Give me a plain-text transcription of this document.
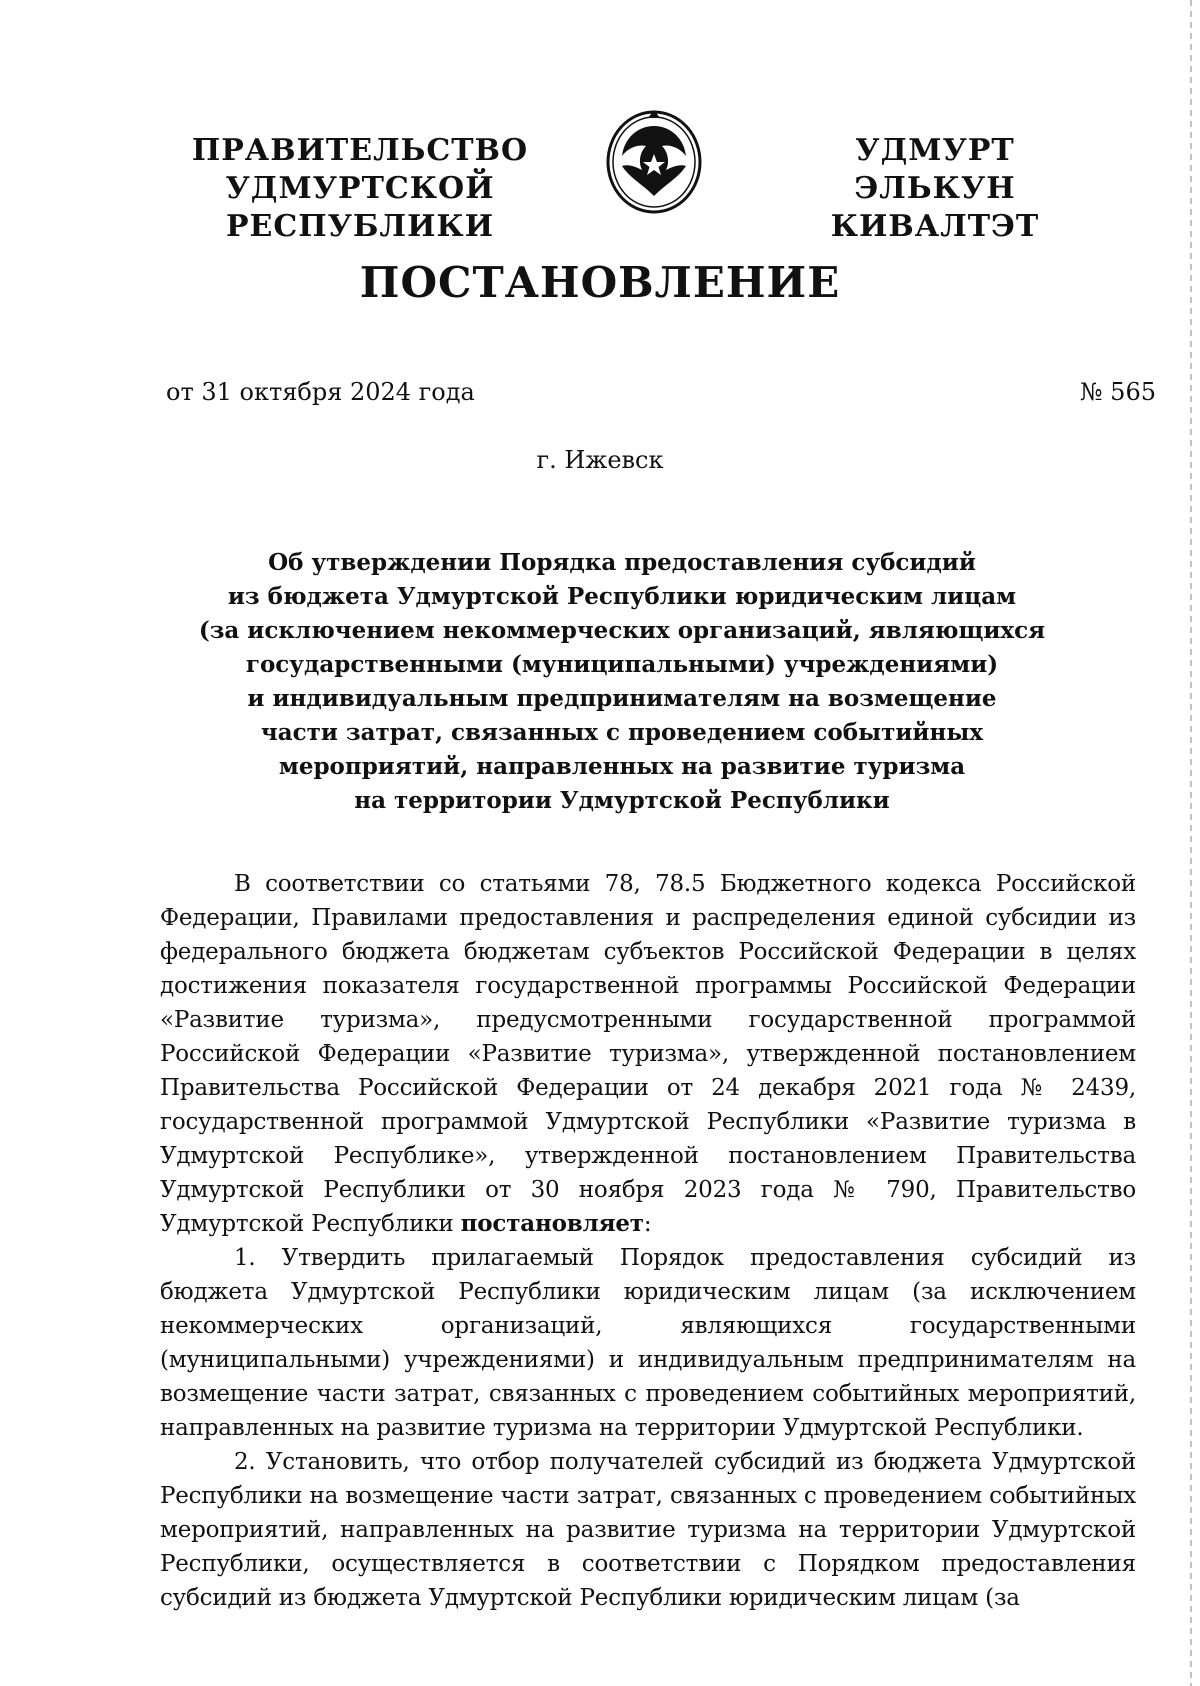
ПРАВИТЕЛЬСТВО
УДМУРТСКОЙ РЕСПУБЛИКИ
УДМУРТ ЭЛЬКУН
КИВАЛТЭТ
ПОСТАНОВЛЕНИЕ
от 31 октября 2024 года	№ 565
г. Ижевск
Об утверждении Порядка предоставления субсидий
из бюджета Удмуртской Республики юридическим лицам
(за исключением некоммерческих организаций, являющихся
государственными (муниципальными) учреждениями)
и индивидуальным предпринимателям на возмещение
части затрат, связанных с проведением событийных
мероприятий, направленных на развитие туризма
на территории Удмуртской Республики

В соответствии со статьями 78, 78.5 Бюджетного кодекса Российской Федерации, Правилами предоставления и распределения единой субсидии из федерального бюджета бюджетам субъектов Российской Федерации в целях достижения показателя государственной программы Российской Федерации «Развитие туризма», предусмотренными государственной программой Российской Федерации «Развитие туризма», утвержденной постановлением Правительства Российской Федерации от 24 декабря 2021 года № 2439, государственной программой Удмуртской Республики «Развитие туризма в Удмуртской Республике», утвержденной постановлением Правительства Удмуртской Республики от 30 ноября 2023 года № 790, Правительство Удмуртской Республики постановляет:

1. Утвердить прилагаемый Порядок предоставления субсидий из бюджета Удмуртской Республики юридическим лицам (за исключением некоммерческих организаций, являющихся государственными (муниципальными) учреждениями) и индивидуальным предпринимателям на возмещение части затрат, связанных с проведением событийных мероприятий, направленных на развитие туризма на территории Удмуртской Республики.

2. Установить, что отбор получателей субсидий из бюджета Удмуртской Республики на возмещение части затрат, связанных с проведением событийных мероприятий, направленных на развитие туризма на территории Удмуртской Республики, осуществляется в соответствии с Порядком предоставления субсидий из бюджета Удмуртской Республики юридическим лицам (за
